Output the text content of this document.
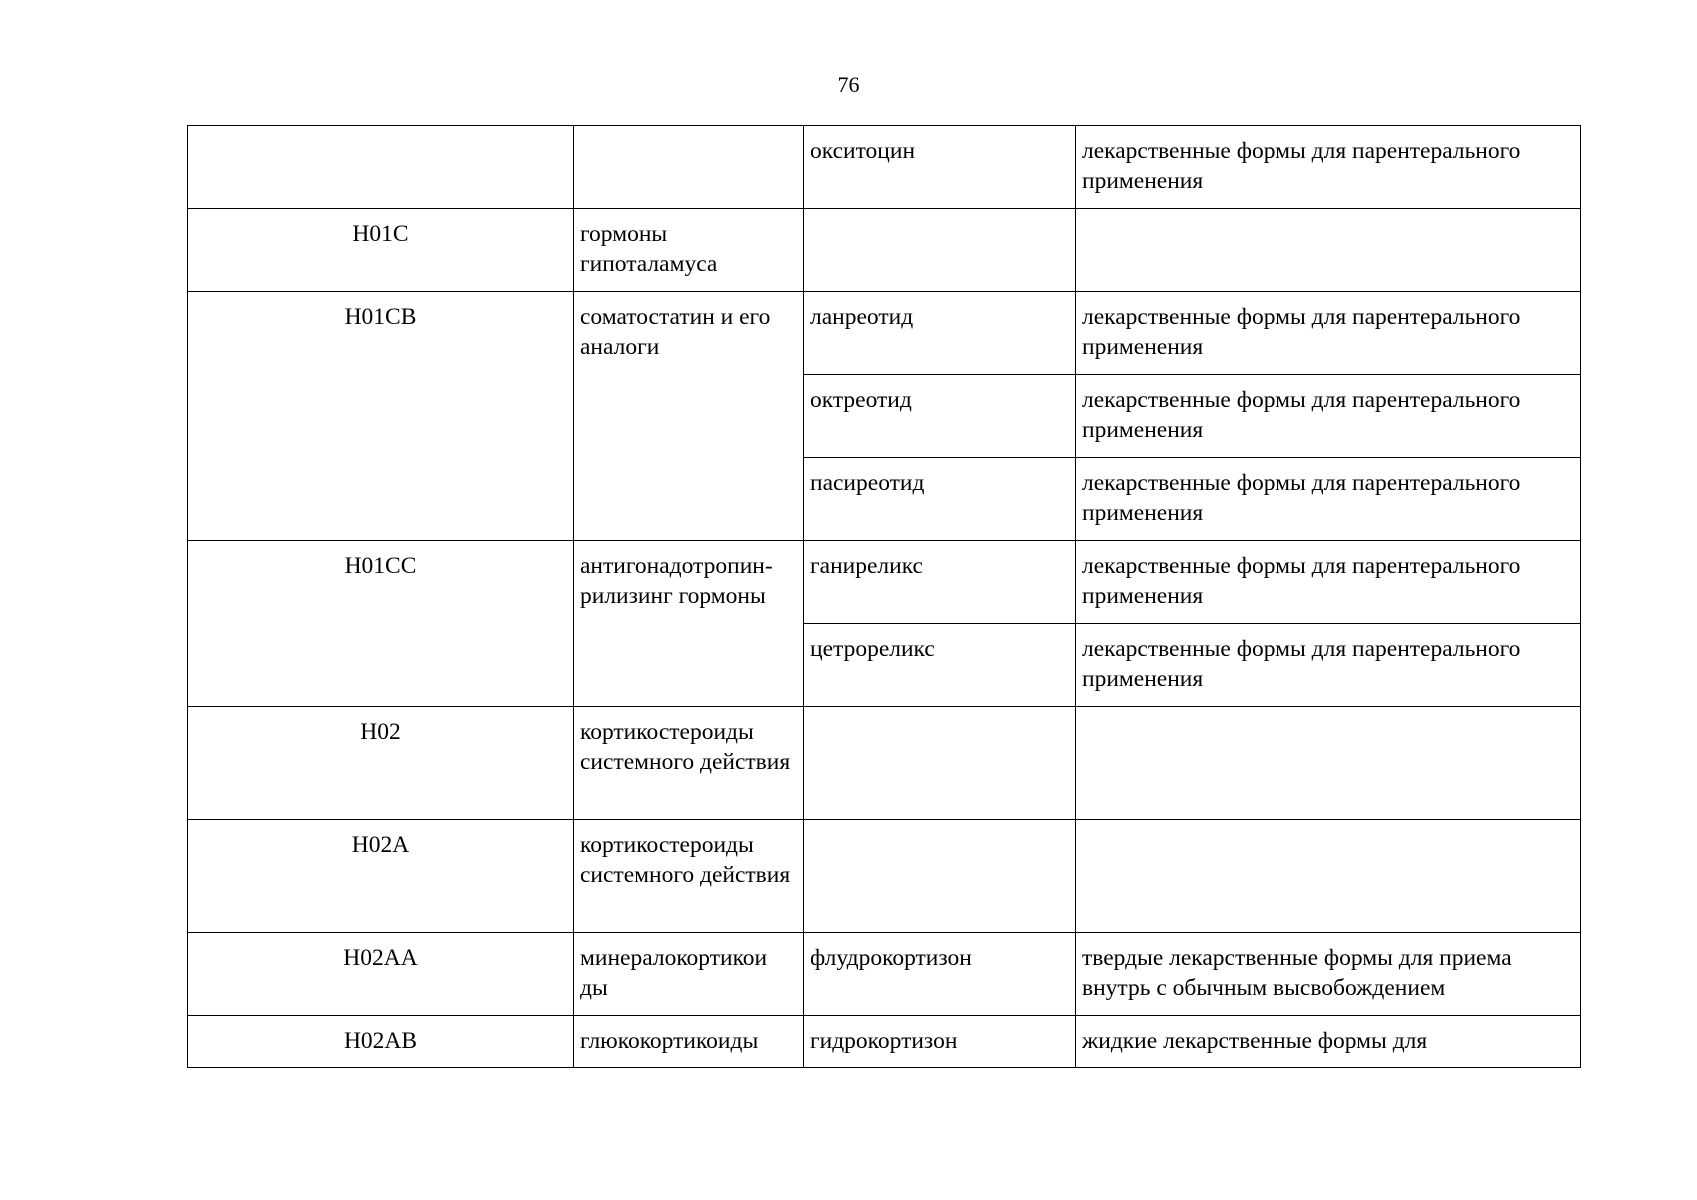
76
		окситоцин	лекарственные формы для парентерального применения
H01C	гормоны гипоталамуса		
H01CB	соматостатин и его аналоги	ланреотид	лекарственные формы для парентерального применения
		октреотид	лекарственные формы для парентерального применения
		пасиреотид	лекарственные формы для парентерального применения
H01CC	антигонадотропин-рилизинг гормоны	ганиреликс	лекарственные формы для парентерального применения
		цетрореликс	лекарственные формы для парентерального применения
H02	кортикостероиды системного действия		
H02A	кортикостероиды системного действия		
H02AA	минералокортикои ды	флудрокортизон	твердые лекарственные формы для приема внутрь с обычным высвобождением
H02AB	глюкокортикоиды	гидрокортизон	жидкие лекарственные формы для
